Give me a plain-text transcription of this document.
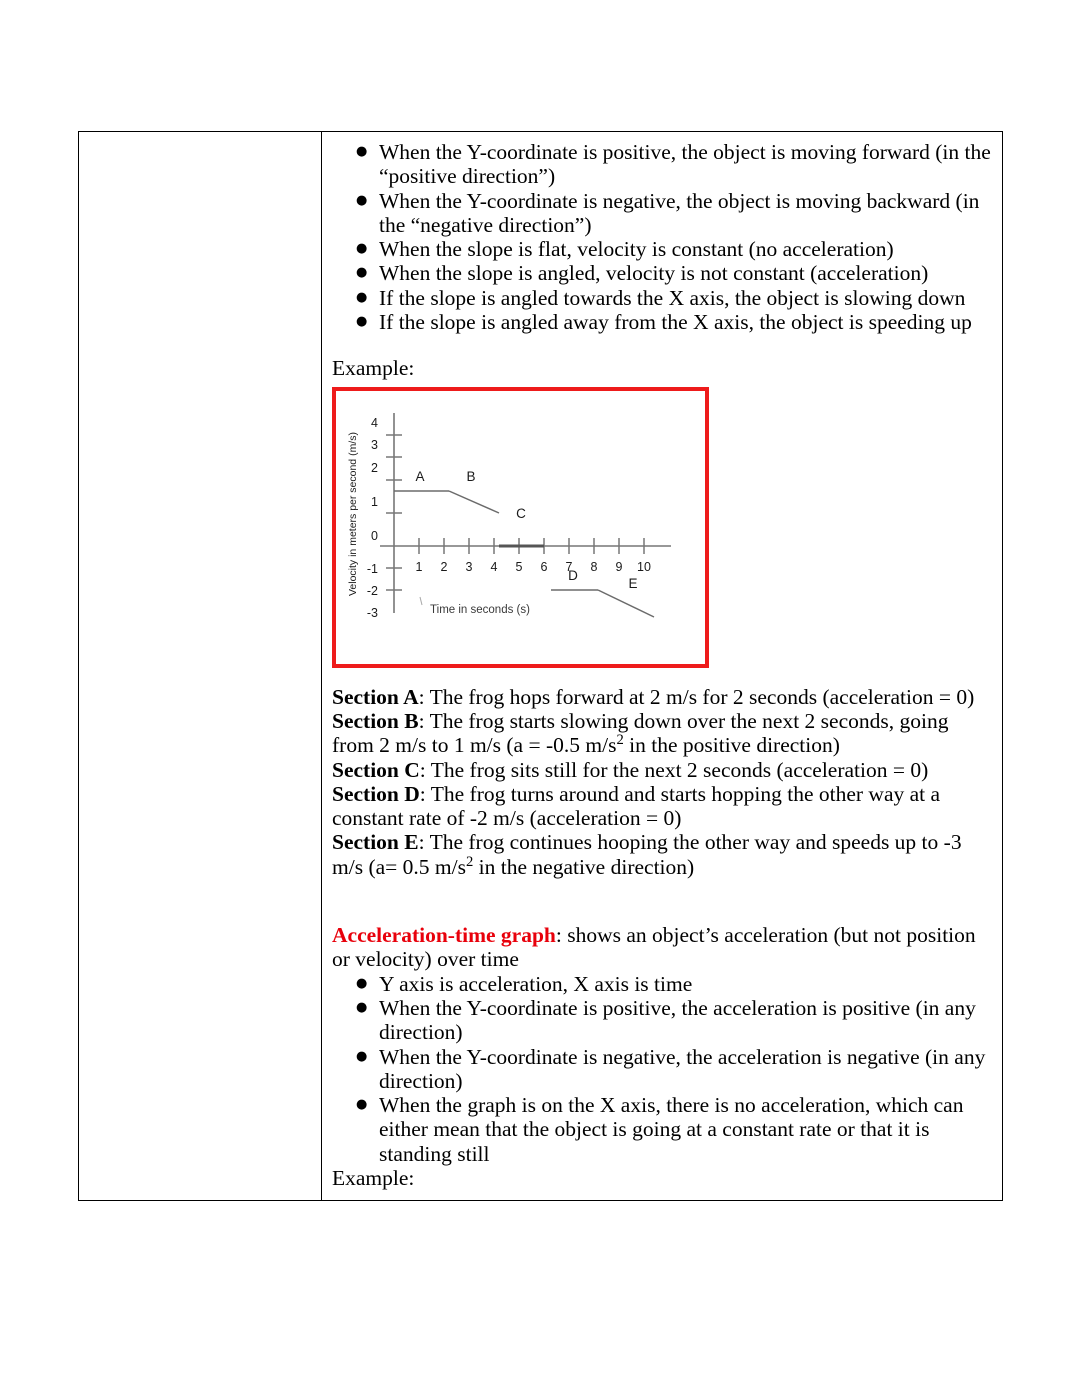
● When the Y-coordinate is positive, the object is moving forward (in the “positive direction”)
● When the Y-coordinate is negative, the object is moving backward (in the “negative direction”)
● When the slope is flat, velocity is constant (no acceleration)
● When the slope is angled, velocity is not constant (acceleration)
● If the slope is angled towards the X axis, the object is slowing down
● If the slope is angled away from the X axis, the object is speeding up

Example:

Velocity in meters per second (m/s)
4
3
2
1
0
-1
-2
-3
1 2 3 4 5 6 7 8 9 10
A	B
C
D
E
Time in seconds (s)

Section A: The frog hops forward at 2 m/s for 2 seconds (acceleration = 0)

Section B: The frog starts slowing down over the next 2 seconds, going from 2 m/s to 1 m/s (a = -0.5 $m/s^2$ in the positive direction)

Section C: The frog sits still for the next 2 seconds (acceleration = 0)

Section D: The frog turns around and starts hopping the other way at a constant rate of -2 m/s (acceleration = 0)

Section E: The frog continues hooping the other way and speeds up to -3 m/s (a= 0.5 $m/s^2$ in the negative direction)

Acceleration-time graph: shows an object’s acceleration (but not position or velocity) over time

● Y axis is acceleration, X axis is time
● When the Y-coordinate is positive, the acceleration is positive (in any direction)
● When the Y-coordinate is negative, the acceleration is negative (in any direction)
● When the graph is on the X axis, there is no acceleration, which can either mean that the object is going at a constant rate or that it is standing still

Example:
